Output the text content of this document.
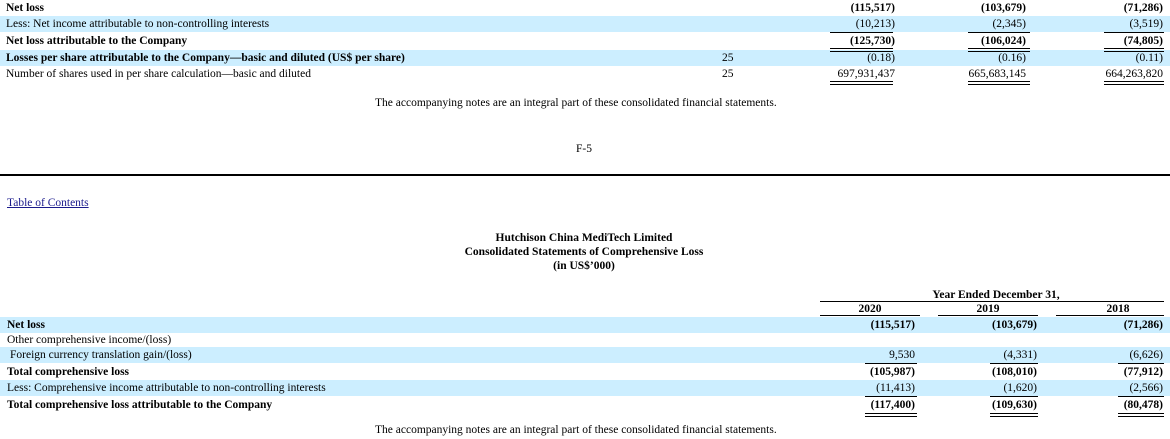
Net loss	(115,517)	(103,679)	(71,286)
Less: Net income attributable to non-controlling interests	(10,213)	(2,345)	(3,519)
Net loss attributable to the Company	(125,730)	(106,024)	(74,805)
Losses per share attributable to the Company—basic and diluted (US$ per share)	25	(0.18)	(0.16)	(0.11)
Number of shares used in per share calculation—basic and diluted	25	697,931,437	665,683,145	664,263,820
The accompanying notes are an integral part of these consolidated financial statements.
F-5
Table of Contents
Hutchison China MediTech Limited
Consolidated Statements of Comprehensive Loss
(in US$’000)
Year Ended December 31,
2020	2019	2018
Net loss	(115,517)	(103,679)	(71,286)
Other comprehensive income/(loss)
Foreign currency translation gain/(loss)	9,530	(4,331)	(6,626)
Total comprehensive loss	(105,987)	(108,010)	(77,912)
Less: Comprehensive income attributable to non-controlling interests	(11,413)	(1,620)	(2,566)
Total comprehensive loss attributable to the Company	(117,400)	(109,630)	(80,478)
The accompanying notes are an integral part of these consolidated financial statements.
